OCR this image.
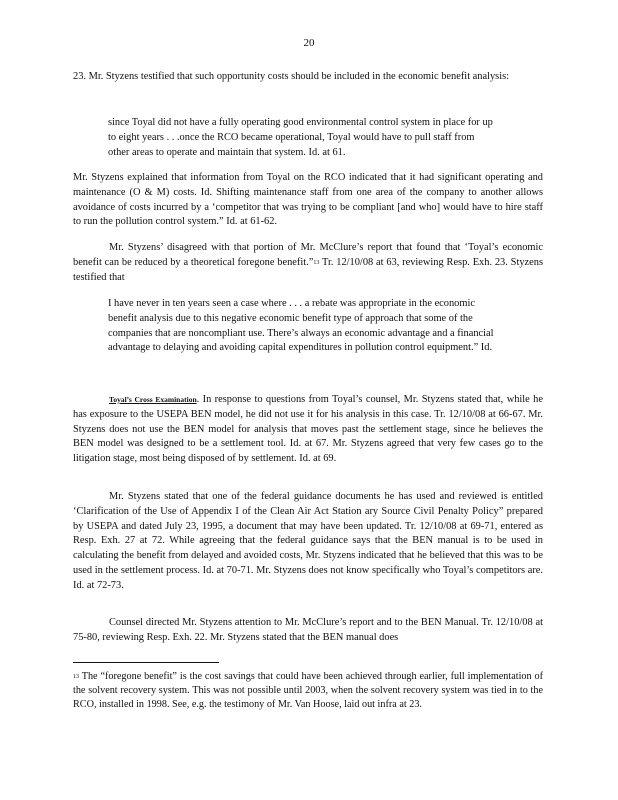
20

23. Mr. Styzens testified that such opportunity costs should be included in the economic benefit analysis:

since Toyal did not have a fully operating good environmental control system in place for up to eight years . . .once the RCO became operational, Toyal would have to pull staff from other areas to operate and maintain that system. Id. at 61.

Mr. Styzens explained that information from Toyal on the RCO indicated that it had significant operating and maintenance (O & M) costs. Id. Shifting maintenance staff from one area of the company to another allows avoidance of costs incurred by a ‘competitor that was trying to be compliant [and who] would have to hire staff to run the pollution control system.” Id. at 61-62.

Mr. Styzens’ disagreed with that portion of Mr. McClure’s report that found that ‘Toyal’s economic benefit can be reduced by a theoretical foregone benefit.”$^{13}$ Tr. 12/10/08 at 63, reviewing Resp. Exh. 23. Styzens testified that

I have never in ten years seen a case where . . . a rebate was appropriate in the economic benefit analysis due to this negative economic benefit type of approach that some of the companies that are noncompliant use. There’s always an economic advantage and a financial advantage to delaying and avoiding capital expenditures in pollution control equipment.” Id.

Toyal’s Cross Examination. In response to questions from Toyal’s counsel, Mr. Styzens stated that, while he has exposure to the USEPA BEN model, he did not use it for his analysis in this case. Tr. 12/10/08 at 66-67. Mr. Styzens does not use the BEN model for analysis that moves past the settlement stage, since he believes the BEN model was designed to be a settlement tool. Id. at 67. Mr. Styzens agreed that very few cases go to the litigation stage, most being disposed of by settlement. Id. at 69.

Mr. Styzens stated that one of the federal guidance documents he has used and reviewed is entitled ‘Clarification of the Use of Appendix I of the Clean Air Act Station ary Source Civil Penalty Policy” prepared by USEPA and dated July 23, 1995, a document that may have been updated. Tr. 12/10/08 at 69-71, entered as Resp. Exh. 27 at 72. While agreeing that the federal guidance says that the BEN manual is to be used in calculating the benefit from delayed and avoided costs, Mr. Styzens indicated that he believed that this was to be used in the settlement process. Id. at 70-71. Mr. Styzens does not know specifically who Toyal’s competitors are. Id. at 72-73.

Counsel directed Mr. Styzens attention to Mr. McClure’s report and to the BEN Manual. Tr. 12/10/08 at 75-80, reviewing Resp. Exh. 22. Mr. Styzens stated that the BEN manual does

$^{13}$ The “foregone benefit” is the cost savings that could have been achieved through earlier, full implementation of the solvent recovery system. This was not possible until 2003, when the solvent recovery system was tied in to the RCO, installed in 1998. See, e.g. the testimony of Mr. Van Hoose, laid out infra at 23.
